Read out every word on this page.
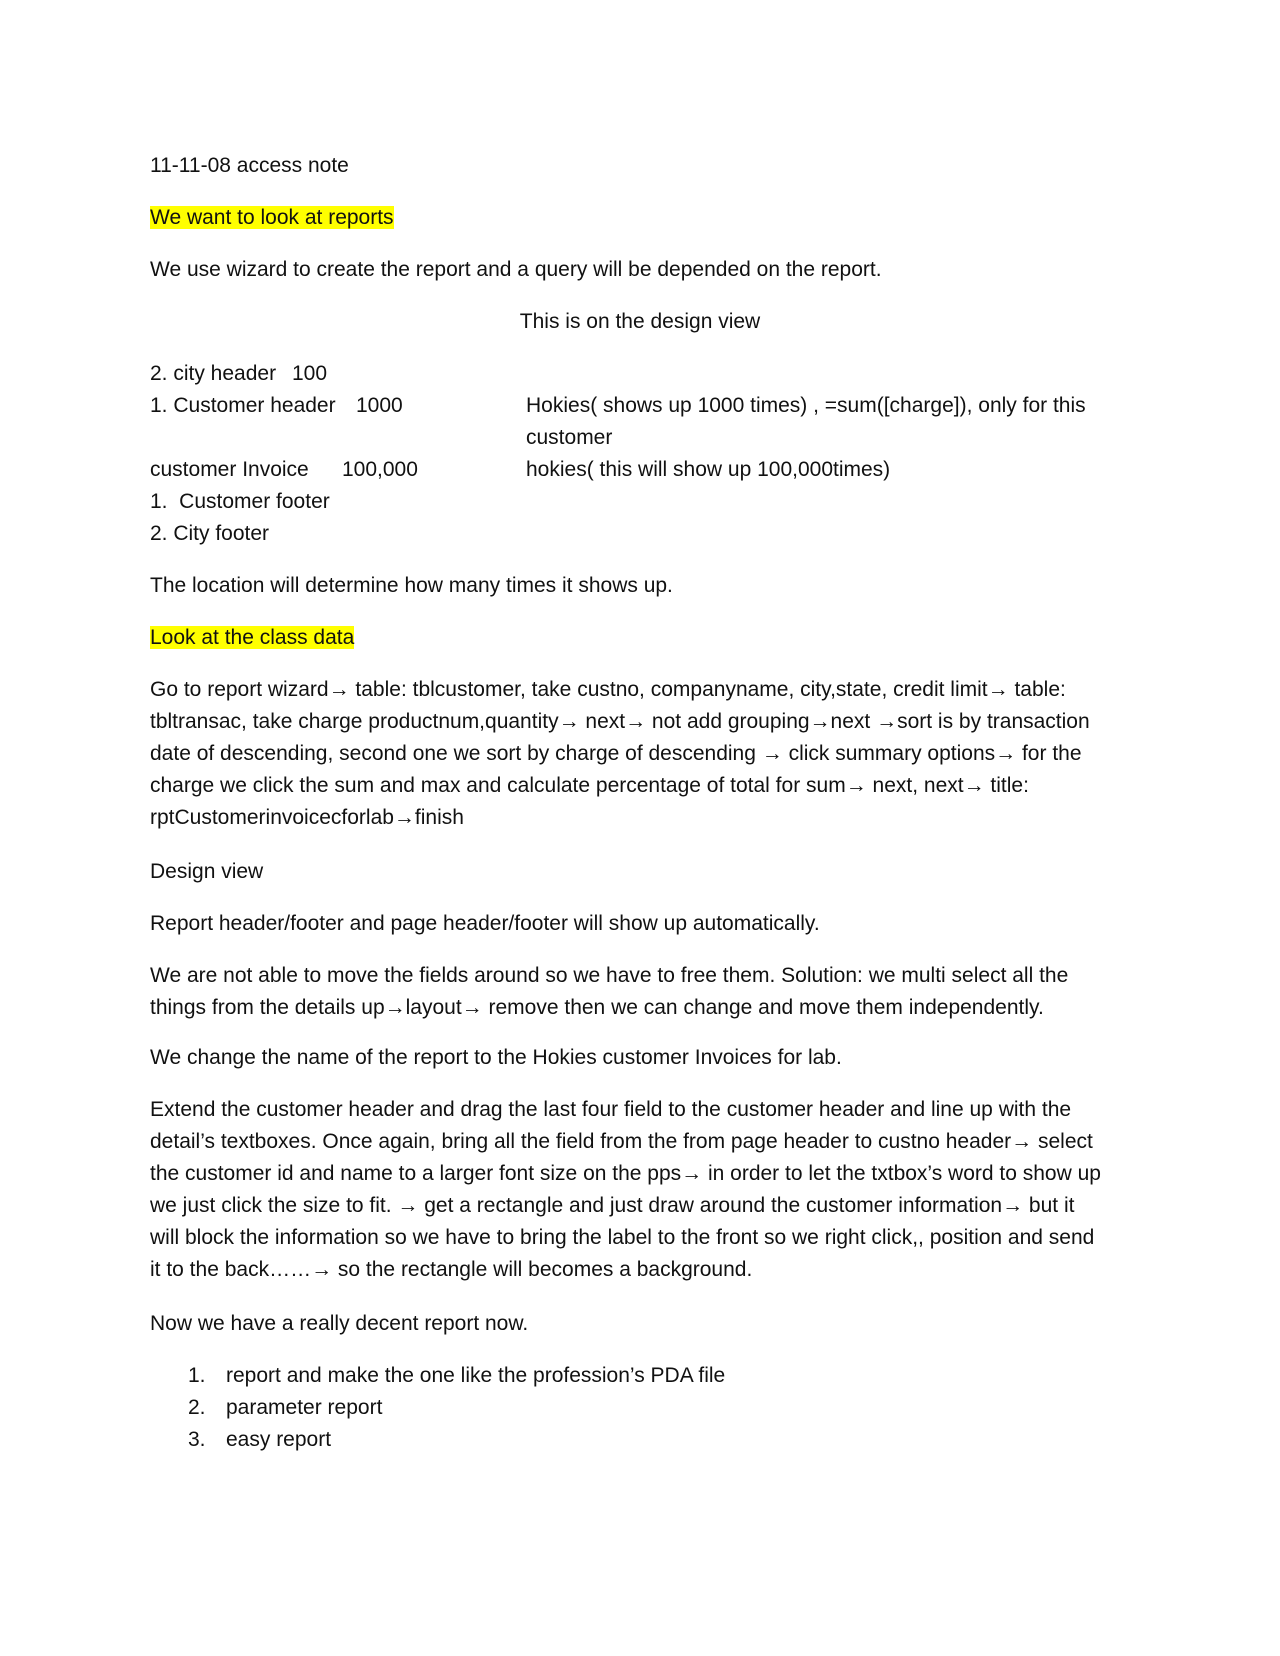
11-11-08 access note
We want to look at reports
We use wizard to create the report and a query will be depended on the report.
This is on the design view
2. city header 100
1. Customer header 1000	Hokies( shows up 1000 times) , =sum([charge]), only for this
customer
customer Invoice 100,000	hokies( this will show up 100,000times)
1.  Customer footer
2. City footer
The location will determine how many times it shows up.
Look at the class data
Go to report wizard→ table: tblcustomer, take custno, companyname, city,state, credit limit→ table:
tbltransac, take charge productnum,quantity→ next→ not add grouping→next →sort is by transaction
date of descending, second one we sort by charge of descending → click summary options→ for the
charge we click the sum and max and calculate percentage of total for sum→ next, next→ title:
rptCustomerinvoicecforlab→finish
Design view
Report header/footer and page header/footer will show up automatically.
We are not able to move the fields around so we have to free them. Solution: we multi select all the
things from the details up→layout→ remove then we can change and move them independently.
We change the name of the report to the Hokies customer Invoices for lab.
Extend the customer header and drag the last four field to the customer header and line up with the
detail’s textboxes. Once again, bring all the field from the from page header to custno header→ select
the customer id and name to a larger font size on the pps→ in order to let the txtbox’s word to show up
we just click the size to fit. → get a rectangle and just draw around the customer information→ but it
will block the information so we have to bring the label to the front so we right click,, position and send
it to the back……→ so the rectangle will becomes a background.
Now we have a really decent report now.
1. report and make the one like the profession’s PDA file
2. parameter report
3. easy report
